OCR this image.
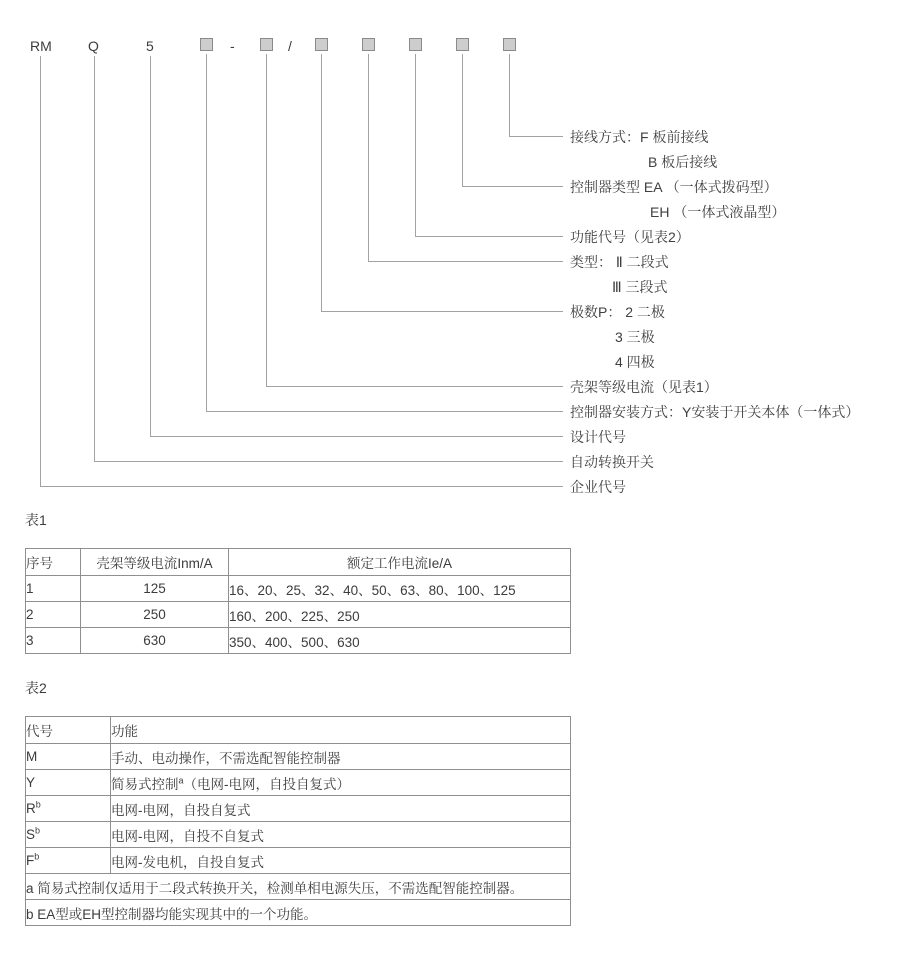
RM	Q	5	-	/
接线方式：F 板前接线
B 板后接线
控制器类型 EA （一体式拨码型）
EH （一体式液晶型）
功能代号（见表2）
类型： Ⅱ 二段式
Ⅲ 三段式
极数P： 2 二极
3 三极
4 四极
壳架等级电流（见表1）
控制器安装方式：Y安装于开关本体（一体式）
设计代号
自动转换开关
企业代号
表1
序号	壳架等级电流Inm/A	额定工作电流Ie/A
1	125	16、20、25、32、40、50、63、80、100、125
2	250	160、200、225、250
3	630	350、400、500、630
表2
代号	功能
M	手动、电动操作，不需选配智能控制器
Y	简易式控制$^a$（电网-电网，自投自复式）
$R^b$	电网-电网，自投自复式
$S^b$	电网-电网，自投不自复式
$F^b$	电网-发电机，自投自复式
a 简易式控制仅适用于二段式转换开关，检测单相电源失压，不需选配智能控制器。	
b EA型或EH型控制器均能实现其中的一个功能。	
